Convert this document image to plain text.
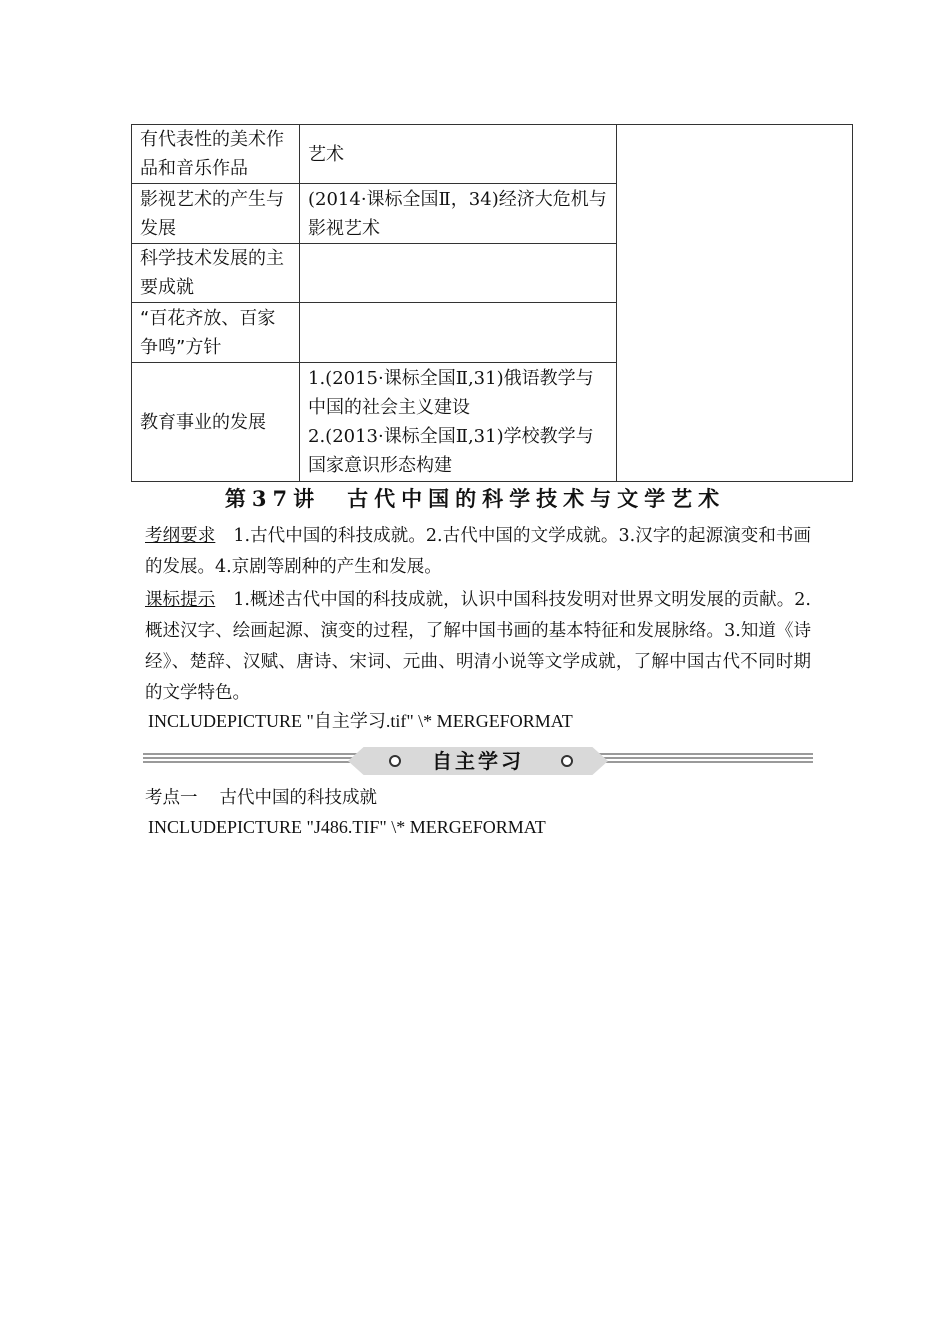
有代表性的美术作品和音乐作品	艺术	

影视艺术的产生与发展	(2014·课标全国Ⅱ，34)经济大危机与影视艺术	

科学技术发展的主要成就		
“百花齐放、百家争鸣”方针		
教育事业的发展	1.(2015·课标全国Ⅱ,31)俄语教学与中国的社会主义建设
2.(2013·课标全国Ⅱ,31)学校教学与国家意识形态构建	
第37讲　古代中国的科学技术与文学艺术
考纲要求 1.古代中国的科技成就。2.古代中国的文学成就。3.汉字的起源演变和书画的发展。4.京剧等剧种的产生和发展。
课标提示 1.概述古代中国的科技成就，认识中国科技发明对世界文明发展的贡献。2.概述汉字、绘画起源、演变的过程，了解中国书画的基本特征和发展脉络。3.知道《诗经》、楚辞、汉赋、唐诗、宋词、元曲、明清小说等文学成就，了解中国古代不同时期的文学特色。
INCLUDEPICTURE "自主学习.tif" \* MERGEFORMAT
自主学习
考点一 古代中国的科技成就
INCLUDEPICTURE "J486.TIF" \* MERGEFORMAT
